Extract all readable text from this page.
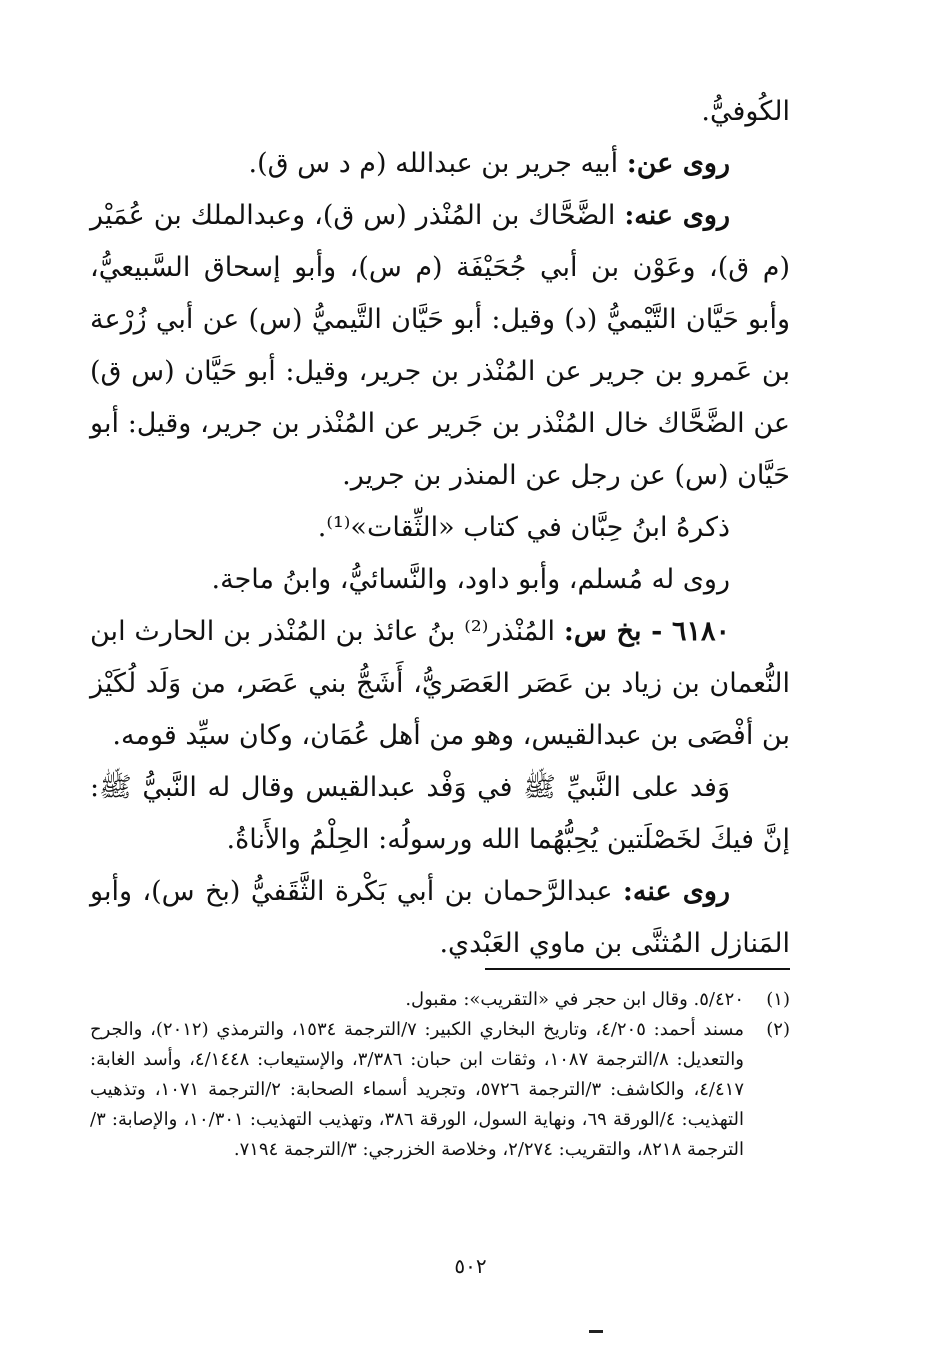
الكُوفيُّ.

روى عن: أبيه جرير بن عبدالله (م د س ق).

روى عنه: الضَّحَّاك بن المُنْذر (س ق)، وعبدالملك بن عُمَيْر (م ق)، وعَوْن بن أبي جُحَيْفَة (م س)، وأبو إسحاق السَّبيعيُّ، وأبو حَيَّان التَّيْميُّ (د) وقيل: أبو حَيَّان التَّيميُّ (س) عن أبي زُرْعة بن عَمرو بن جرير عن المُنْذر بن جرير، وقيل: أبو حَيَّان (س ق) عن الضَّحَّاك خال المُنْذر بن جَرير عن المُنْذر بن جرير، وقيل: أبو حَيَّان (س) عن رجل عن المنذر بن جرير.

ذكرهُ ابنُ حِبَّان في كتاب «الثِّقات»⁽¹⁾.

روى له مُسلم، وأبو داود، والنَّسائيُّ، وابنُ ماجة.

٦١٨٠ - بخ س: المُنْذر⁽²⁾ بنُ عائذ بن المُنْذر بن الحارث ابن النُّعمان بن زياد بن عَصَر العَصَريُّ، أَشَجُّ بني عَصَر، من وَلَد لُكَيْز بن أفْصَى بن عبدالقيس، وهو من أهل عُمَان، وكان سيِّد قومه.

وَفد على النَّبيِّ ﷺ في وَفْد عبدالقيس وقال له النَّبيُّ ﷺ: إنَّ فيكَ لخَصْلَتين يُحِبُّهُما الله ورسولُه: الحِلْمُ والأَناةُ.

روى عنه: عبدالرَّحمان بن أبي بَكْرة الثَّقَفيُّ (بخ س)، وأبو المَنازل المُثنَّى بن ماوي العَبْدي.

(١)
٥/٤٢٠. وقال ابن حجر في «التقريب»: مقبول.
(٢)
مسند أحمد: ٤/٢٠٥، وتاريخ البخاري الكبير: ٧/الترجمة ١٥٣٤، والترمذي (٢٠١٢)، والجرح والتعديل: ٨/الترجمة ١٠٨٧، وثقات ابن حبان: ٣/٣٨٦، والإستيعاب: ٤/١٤٤٨، وأسد الغابة: ٤/٤١٧، والكاشف: ٣/الترجمة ٥٧٢٦، وتجريد أسماء الصحابة: ٢/الترجمة ١٠٧١، وتذهيب التهذيب: ٤/الورقة ٦٩، ونهاية السول، الورقة ٣٨٦، وتهذيب التهذيب: ١٠/٣٠١، والإصابة: ٣/الترجمة ٨٢١٨، والتقريب: ٢/٢٧٤، وخلاصة الخزرجي: ٣/الترجمة ٧١٩٤.
٥٠٢
